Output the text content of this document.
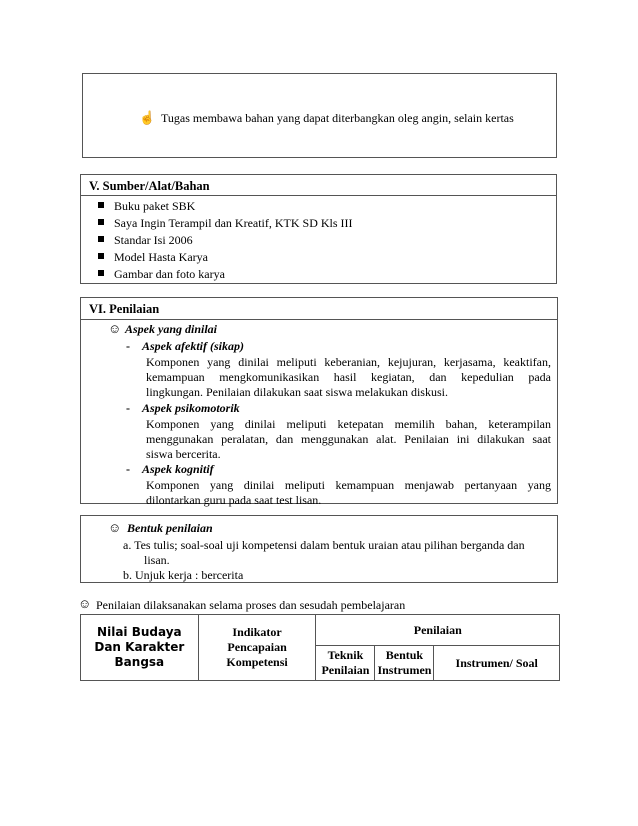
☝ Tugas membawa bahan yang dapat diterbangkan oleg angin, selain kertas
V. Sumber/Alat/Bahan
Buku paket SBK
Saya Ingin Terampil dan Kreatif, KTK SD Kls III
Standar Isi 2006
Model Hasta Karya
Gambar dan foto karya
VI. Penilaian
☺ Aspek yang dinilai
- Aspek afektif (sikap)
Komponen yang dinilai meliputi keberanian, kejujuran, kerjasama, keaktifan,
kemampuan mengkomunikasikan hasil kegiatan, dan kepedulian pada
lingkungan. Penilaian dilakukan saat siswa melakukan diskusi.
- Aspek psikomotorik
Komponen yang dinilai meliputi ketepatan memilih bahan, keterampilan
menggunakan peralatan, dan menggunakan alat. Penilaian ini dilakukan saat
siswa bercerita.
- Aspek kognitif
Komponen yang dinilai meliputi kemampuan menjawab pertanyaan yang
dilontarkan guru pada saat test lisan.
☺ Bentuk penilaian
a. Tes tulis; soal-soal uji kompetensi dalam bentuk uraian atau pilihan berganda dan
lisan.
b. Unjuk kerja : bercerita
☺ Penilaian dilaksanakan selama proses dan sesudah pembelajaran
Nilai Budaya Dan Karakter Bangsa	Indikator Pencapaian Kompetensi	Penilaian		
		Teknik Penilaian	Bentuk Instrumen	Instrumen/ Soal
